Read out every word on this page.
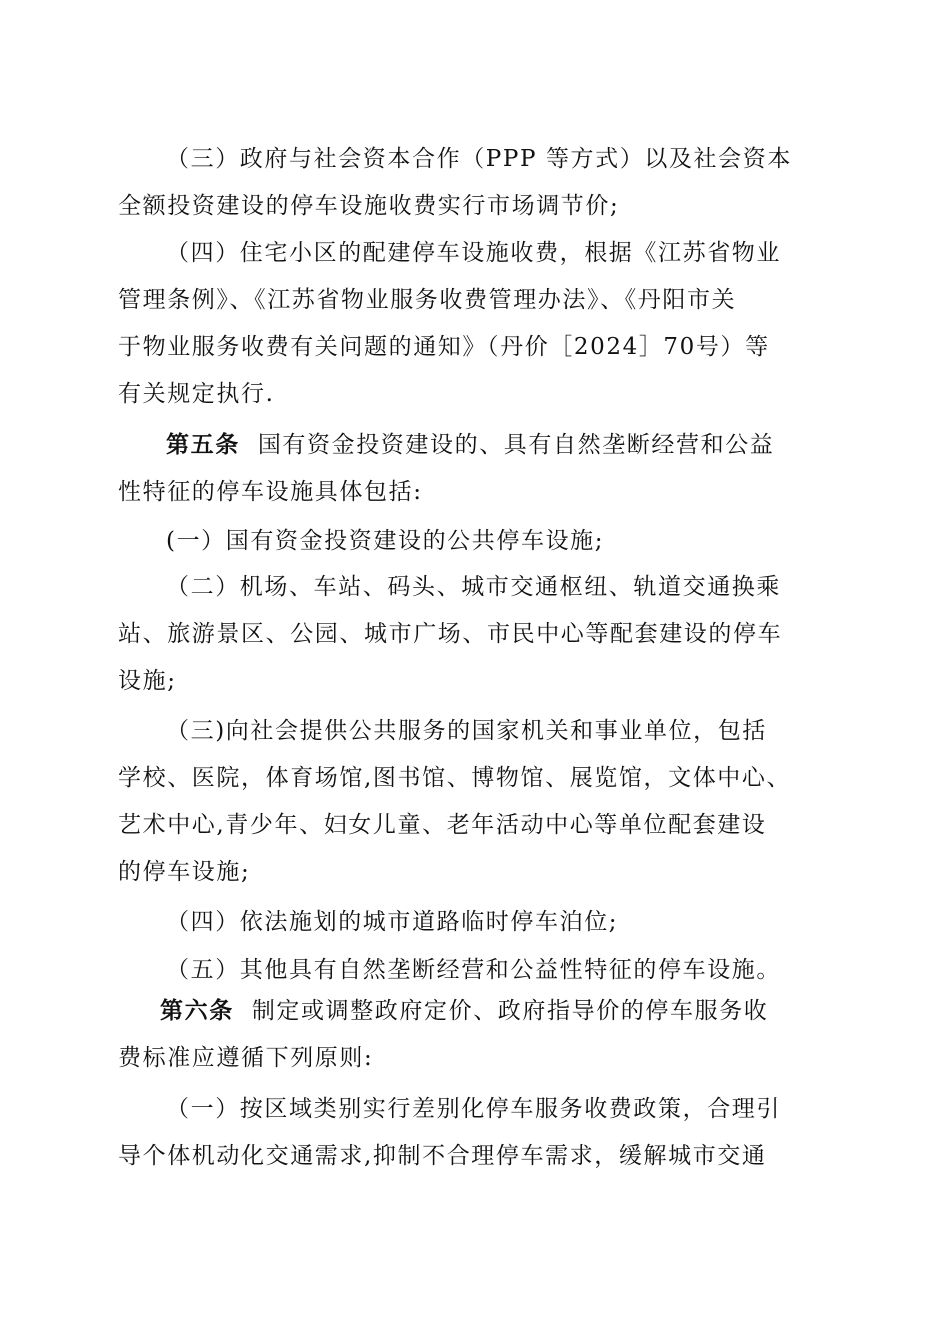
（三）政府与社会资本合作（PPP 等方式）以及社会资本
全额投资建设的停车设施收费实行市场调节价;

（四）住宅小区的配建停车设施收费，根据《江苏省物业
管理条例》、《江苏省物业服务收费管理办法》、《丹阳市关
于物业服务收费有关问题的通知》（丹价［2024］70号）等
有关规定执行.

第五条 国有资金投资建设的、具有自然垄断经营和公益
性特征的停车设施具体包括:

(一）国有资金投资建设的公共停车设施;

（二）机场、车站、码头、城市交通枢纽、轨道交通换乘
站、旅游景区、公园、城市广场、市民中心等配套建设的停车
设施;

（三)向社会提供公共服务的国家机关和事业单位，包括
学校、医院，体育场馆,图书馆、博物馆、展览馆，文体中心、
艺术中心,青少年、妇女儿童、老年活动中心等单位配套建设
的停车设施;

（四）依法施划的城市道路临时停车泊位;

（五）其他具有自然垄断经营和公益性特征的停车设施。

第六条 制定或调整政府定价、政府指导价的停车服务收
费标准应遵循下列原则:

（一）按区域类别实行差别化停车服务收费政策，合理引
导个体机动化交通需求,抑制不合理停车需求，缓解城市交通
